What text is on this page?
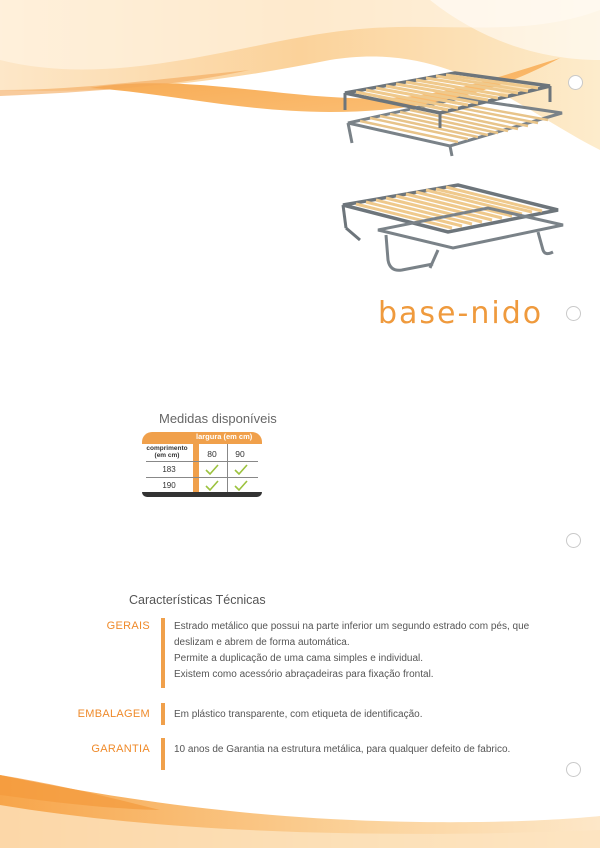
base-nido
Medidas disponíveis
largura (em cm)
comprimento (em cm)	80	90
183
190
Características Técnicas
GERAIS Estrado metálico que possui na parte inferior um segundo estrado com pés, que
deslizam e abrem de forma automática.
Permite a duplicação de uma cama simples e individual.
Existem como acessório abraçadeiras para fixação frontal.
EMBALAGEM Em plástico transparente, com etiqueta de identificação.
GARANTIA 10 anos de Garantia na estrutura metálica, para qualquer defeito de fabrico.
